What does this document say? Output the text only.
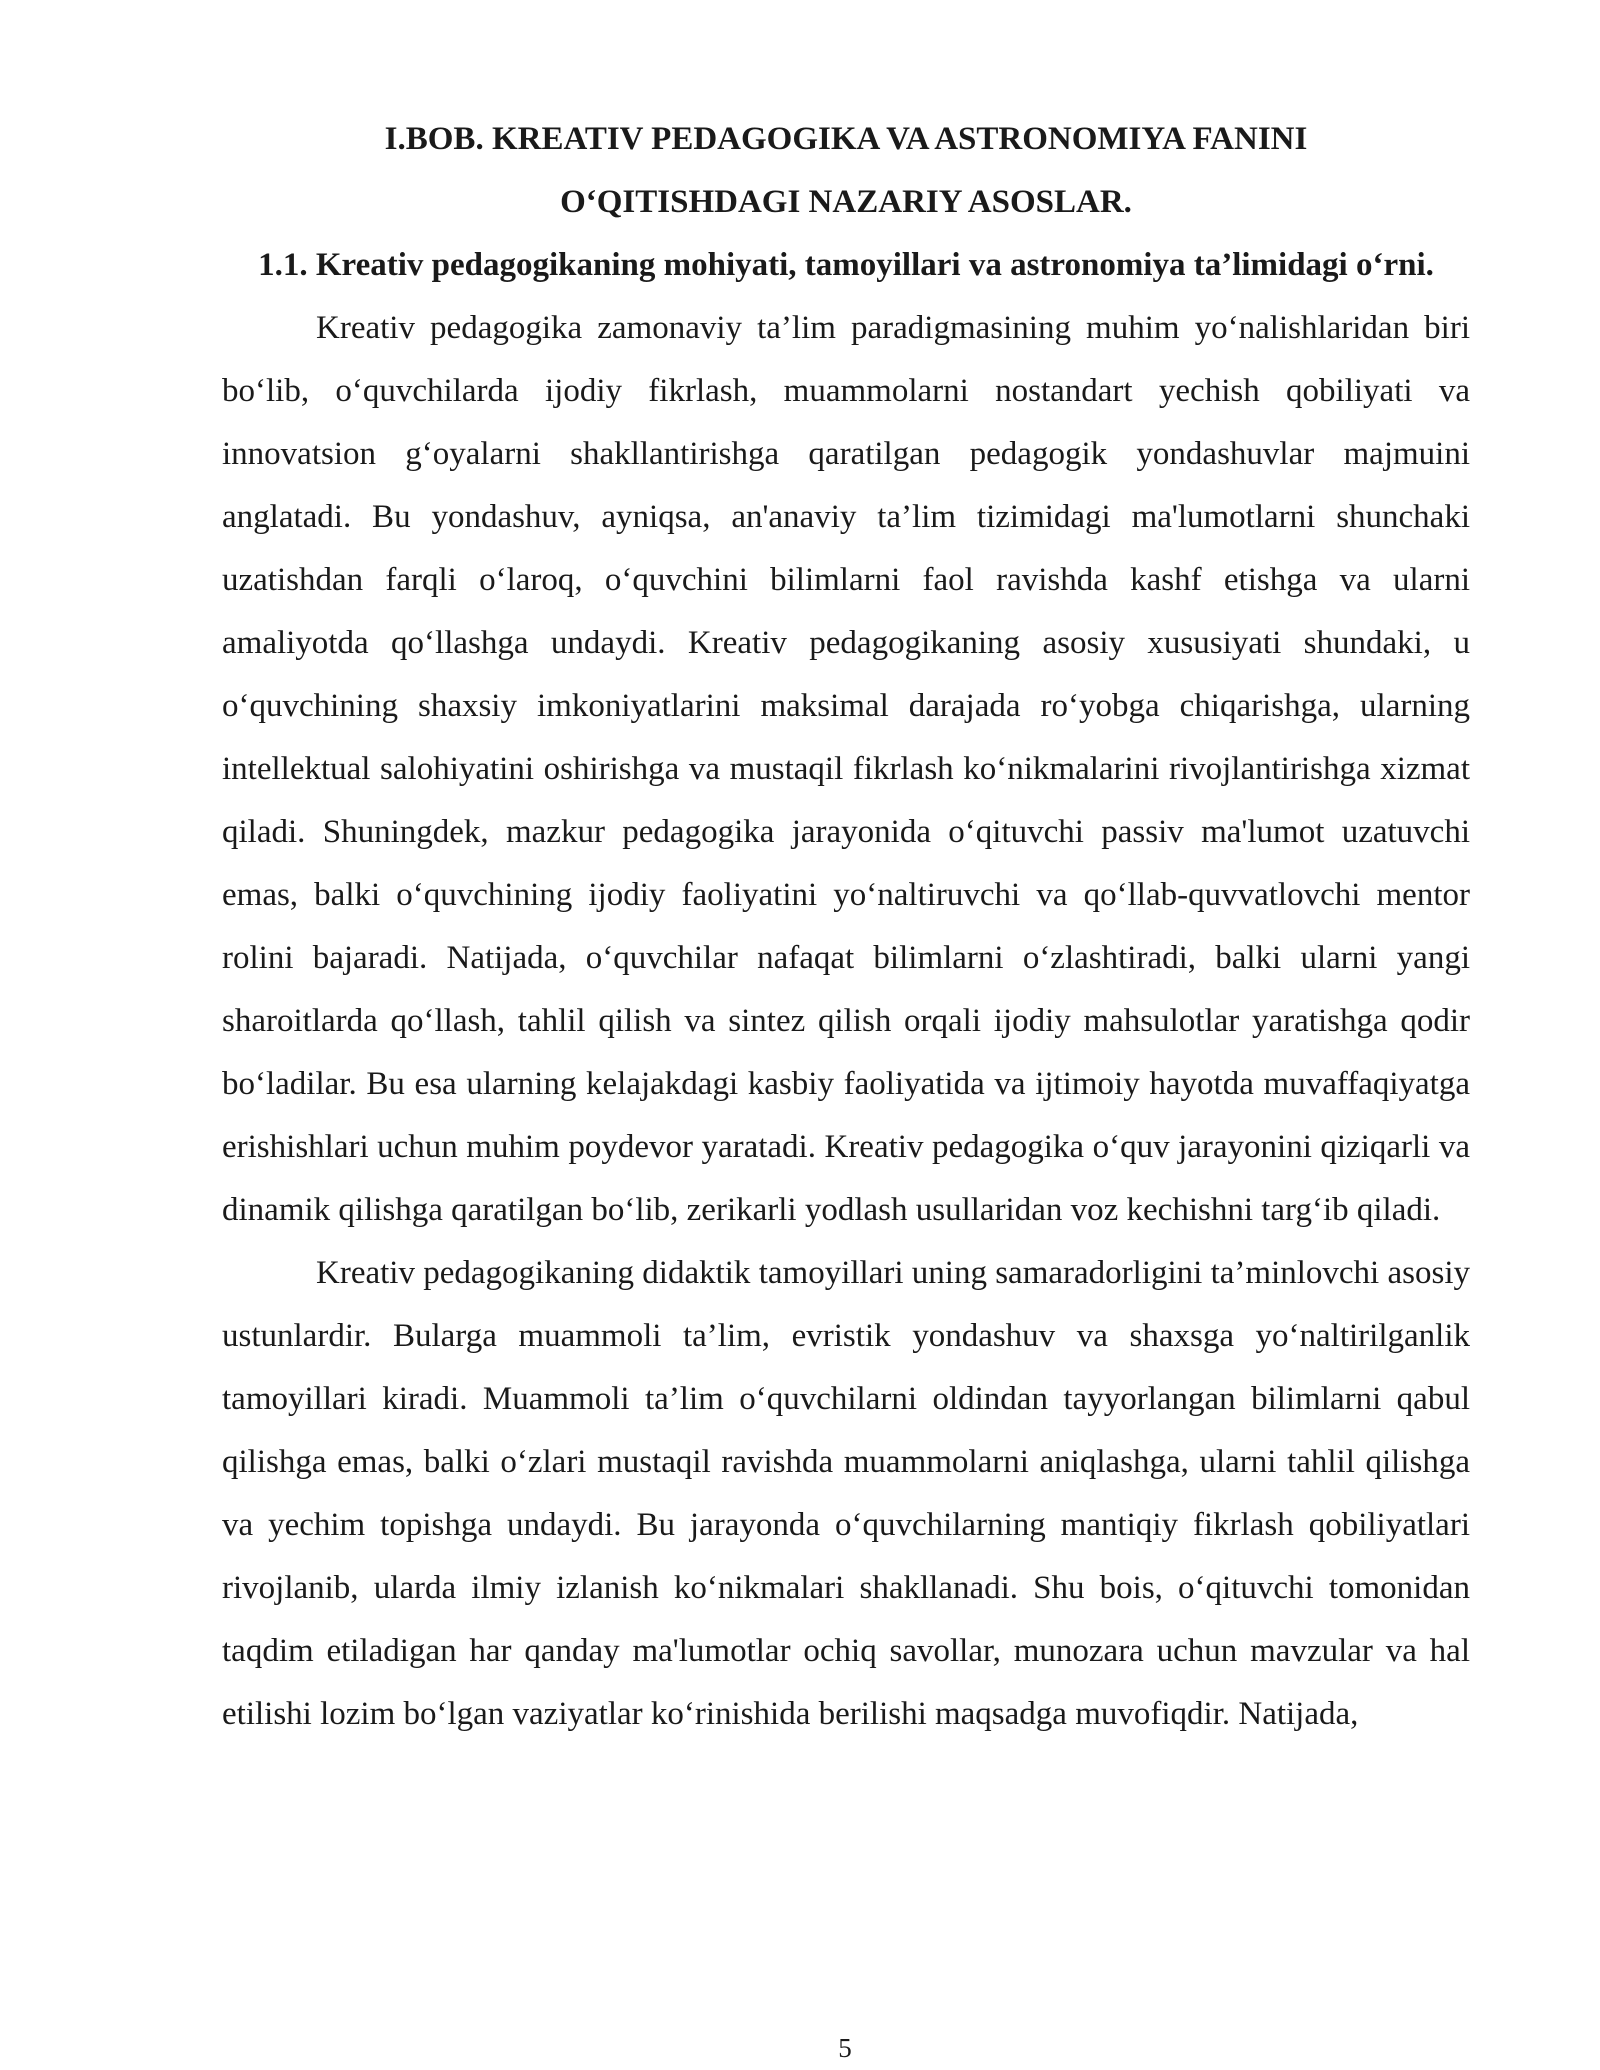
I.BOB. KREATIV PEDAGOGIKA VA ASTRONOMIYA FANINI

O‘QITISHDAGI NAZARIY ASOSLAR.

1.1. Kreativ pedagogikaning mohiyati, tamoyillari va astronomiya ta’limidagi o‘rni.

Kreativ pedagogika zamonaviy ta’lim paradigmasining muhim yo‘nalishlaridan biri bo‘lib, o‘quvchilarda ijodiy fikrlash, muammolarni nostandart yechish qobiliyati va innovatsion g‘oyalarni shakllantirishga qaratilgan pedagogik yondashuvlar majmuini anglatadi. Bu yondashuv, ayniqsa, an'anaviy ta’lim tizimidagi ma'lumotlarni shunchaki uzatishdan farqli o‘laroq, o‘quvchini bilimlarni faol ravishda kashf etishga va ularni amaliyotda qo‘llashga undaydi. Kreativ pedagogikaning asosiy xususiyati shundaki, u o‘quvchining shaxsiy imkoniyatlarini maksimal darajada ro‘yobga chiqarishga, ularning intellektual salohiyatini oshirishga va mustaqil fikrlash ko‘nikmalarini rivojlantirishga xizmat qiladi. Shuningdek, mazkur pedagogika jarayonida o‘qituvchi passiv ma'lumot uzatuvchi emas, balki o‘quvchining ijodiy faoliyatini yo‘naltiruvchi va qo‘llab-quvvatlovchi mentor rolini bajaradi. Natijada, o‘quvchilar nafaqat bilimlarni o‘zlashtiradi, balki ularni yangi sharoitlarda qo‘llash, tahlil qilish va sintez qilish orqali ijodiy mahsulotlar yaratishga qodir bo‘ladilar. Bu esa ularning kelajakdagi kasbiy faoliyatida va ijtimoiy hayotda muvaffaqiyatga erishishlari uchun muhim poydevor yaratadi. Kreativ pedagogika o‘quv jarayonini qiziqarli va dinamik qilishga qaratilgan bo‘lib, zerikarli yodlash usullaridan voz kechishni targ‘ib qiladi.

Kreativ pedagogikaning didaktik tamoyillari uning samaradorligini ta’minlovchi asosiy ustunlardir. Bularga muammoli ta’lim, evristik yondashuv va shaxsga yo‘naltirilganlik tamoyillari kiradi. Muammoli ta’lim o‘quvchilarni oldindan tayyorlangan bilimlarni qabul qilishga emas, balki o‘zlari mustaqil ravishda muammolarni aniqlashga, ularni tahlil qilishga va yechim topishga undaydi. Bu jarayonda o‘quvchilarning mantiqiy fikrlash qobiliyatlari rivojlanib, ularda ilmiy izlanish ko‘nikmalari shakllanadi. Shu bois, o‘qituvchi tomonidan taqdim etiladigan har qanday ma'lumotlar ochiq savollar, munozara uchun mavzular va hal etilishi lozim bo‘lgan vaziyatlar ko‘rinishida berilishi maqsadga muvofiqdir. Natijada,

5
